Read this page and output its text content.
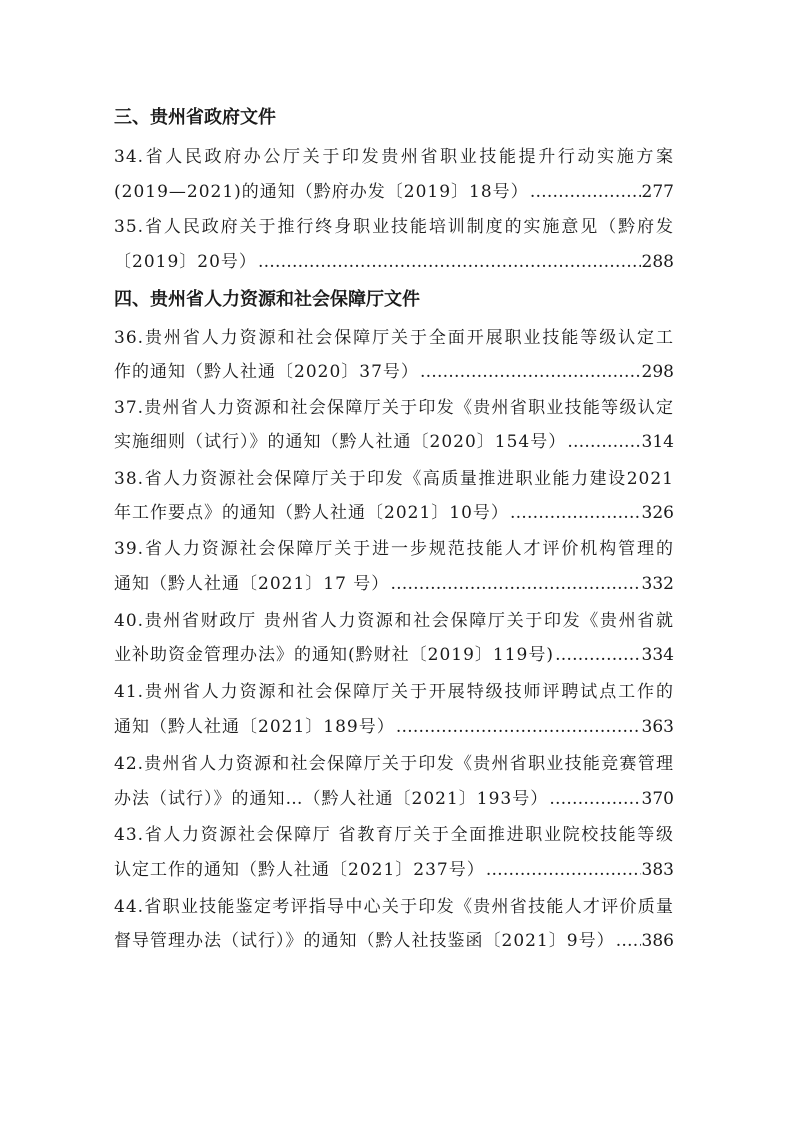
三、贵州省政府文件
34.省人民政府办公厅关于印发贵州省职业技能提升行动实施方案
(2019—2021)的通知（黔府办发〔2019〕18号） ……………………………………………………………………………………………………………………………………	277
35.省人民政府关于推行终身职业技能培训制度的实施意见（黔府发
〔2019〕20号） ……………………………………………………………………………………………………………………………………	288
四、贵州省人力资源和社会保障厅文件
36.贵州省人力资源和社会保障厅关于全面开展职业技能等级认定工
作的通知（黔人社通〔2020〕37号） ……………………………………………………………………………………………………………………………………	298
37.贵州省人力资源和社会保障厅关于印发《贵州省职业技能等级认定
实施细则（试行）》的通知（黔人社通〔2020〕154号） ……………………………………………………………………………………………………………………………………	314
38.省人力资源社会保障厅关于印发《高质量推进职业能力建设2021
年工作要点》的通知（黔人社通〔2021〕10号） ……………………………………………………………………………………………………………………………………	326
39.省人力资源社会保障厅关于进一步规范技能人才评价机构管理的
通知（黔人社通〔2021〕17 号） ……………………………………………………………………………………………………………………………………	332
40.贵州省财政厅 贵州省人力资源和社会保障厅关于印发《贵州省就
业补助资金管理办法》的通知(黔财社〔2019〕119号) ……………………………………………………………………………………………………………………………………	334
41.贵州省人力资源和社会保障厅关于开展特级技师评聘试点工作的
通知（黔人社通〔2021〕189号） ……………………………………………………………………………………………………………………………………	363
42.贵州省人力资源和社会保障厅关于印发《贵州省职业技能竞赛管理
办法（试行）》的通知…（黔人社通〔2021〕193号） ……………………………………………………………………………………………………………………………………	370
43.省人力资源社会保障厅 省教育厅关于全面推进职业院校技能等级
认定工作的通知（黔人社通〔2021〕237号） ……………………………………………………………………………………………………………………………………	383
44.省职业技能鉴定考评指导中心关于印发《贵州省技能人才评价质量
督导管理办法（试行）》的通知（黔人社技鉴函〔2021〕9号） …………………………………………………………………………………………………………………………………… 386
